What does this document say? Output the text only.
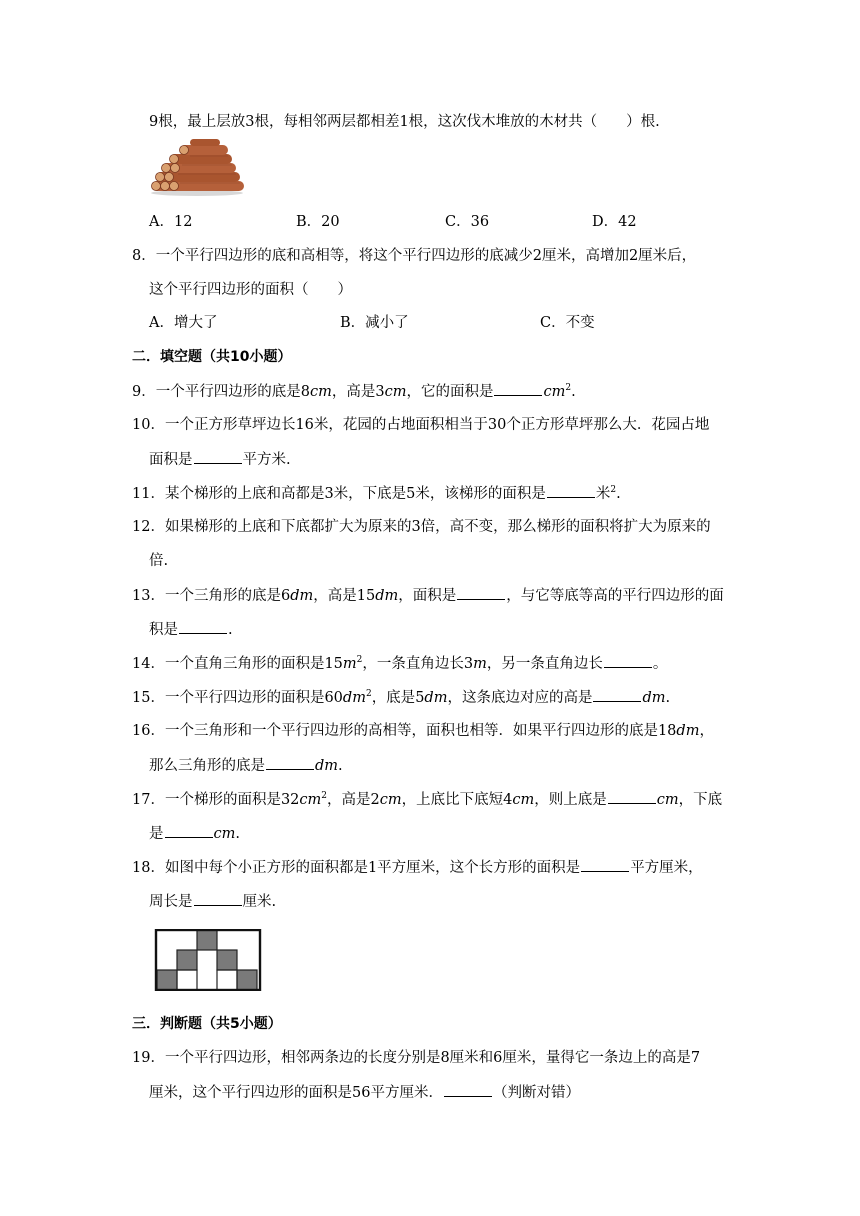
9根，最上层放3根，每相邻两层都相差1根，这次伐木堆放的木材共（　　）根.
A．12	B．20	C．36	D．42
8．一个平行四边形的底和高相等，将这个平行四边形的底减少2厘米，高增加2厘米后，
这个平行四边形的面积（　　）
A．增大了	B．减小了	C．不变
二．填空题（共10小题）
9．一个平行四边形的底是8cm，高是3cm，它的面积是	$cm^2$.
10．一个正方形草坪边长16米，花园的占地面积相当于30个正方形草坪那么大．花园占地
面积是	平方米.
11．某个梯形的上底和高都是3米，下底是5米，该梯形的面积是	米$^2$.
12．如果梯形的上底和下底都扩大为原来的3倍，高不变，那么梯形的面积将扩大为原来的
倍.
13．一个三角形的底是6dm，高是15dm，面积是	，与它等底等高的平行四边形的面
积是	.
14．一个直角三角形的面积是$15m^2$，一条直角边长3m，另一条直角边长	。
15．一个平行四边形的面积是$60dm^2$，底是5dm，这条底边对应的高是	dm.
16．一个三角形和一个平行四边形的高相等，面积也相等．如果平行四边形的底是18dm，
那么三角形的底是	dm.
17．一个梯形的面积是$32cm^2$，高是2cm，上底比下底短4cm，则上底是	cm，下底
是	cm.
18．如图中每个小正方形的面积都是1平方厘米，这个长方形的面积是	平方厘米，
周长是	厘米.
三．判断题（共5小题）
19．一个平行四边形，相邻两条边的长度分别是8厘米和6厘米，量得它一条边上的高是7
厘米，这个平行四边形的面积是56平方厘米．	（判断对错）
